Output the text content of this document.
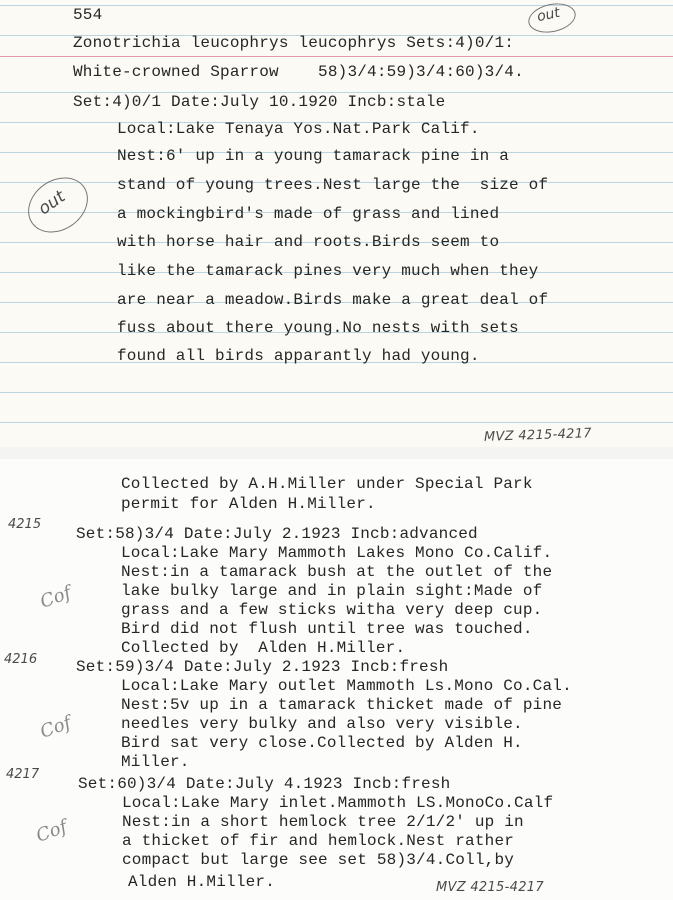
554
Zonotrichia leucophrys leucophrys Sets:4)0/1:
White-crowned Sparrow    58)3/4:59)3/4:60)3/4.
Set:4)0/1 Date:July 10.1920 Incb:stale
Local:Lake Tenaya Yos.Nat.Park Calif.
Nest:6' up in a young tamarack pine in a
stand of young trees.Nest large the  size of
a mockingbird's made of grass and lined
with horse hair and roots.Birds seem to
like the tamarack pines very much when they
are near a meadow.Birds make a great deal of
fuss about there young.No nests with sets
found all birds apparantly had young.
out
out
MVZ 4215-4217
Collected by A.H.Miller under Special Park
permit for Alden H.Miller.
4215
Set:58)3/4 Date:July 2.1923 Incb:advanced
Local:Lake Mary Mammoth Lakes Mono Co.Calif.
Nest:in a tamarack bush at the outlet of the
lake bulky large and in plain sight:Made of
grass and a few sticks witha very deep cup.
Bird did not flush until tree was touched.
Collected by  Alden H.Miller.
Cof
4216 Set:59)3/4 Date:July 2.1923 Incb:fresh
Local:Lake Mary outlet Mammoth Ls.Mono Co.Cal.
Nest:5v up in a tamarack thicket made of pine
needles very bulky and also very visible.
Bird sat very close.Collected by Alden H.
Miller.
Cof
4217
Set:60)3/4 Date:July 4.1923 Incb:fresh
Local:Lake Mary inlet.Mammoth LS.MonoCo.Calf
Nest:in a short hemlock tree 2/1/2' up in
a thicket of fir and hemlock.Nest rather
compact but large see set 58)3/4.Coll,by
Alden H.Miller.
Cof
MVZ 4215-4217
